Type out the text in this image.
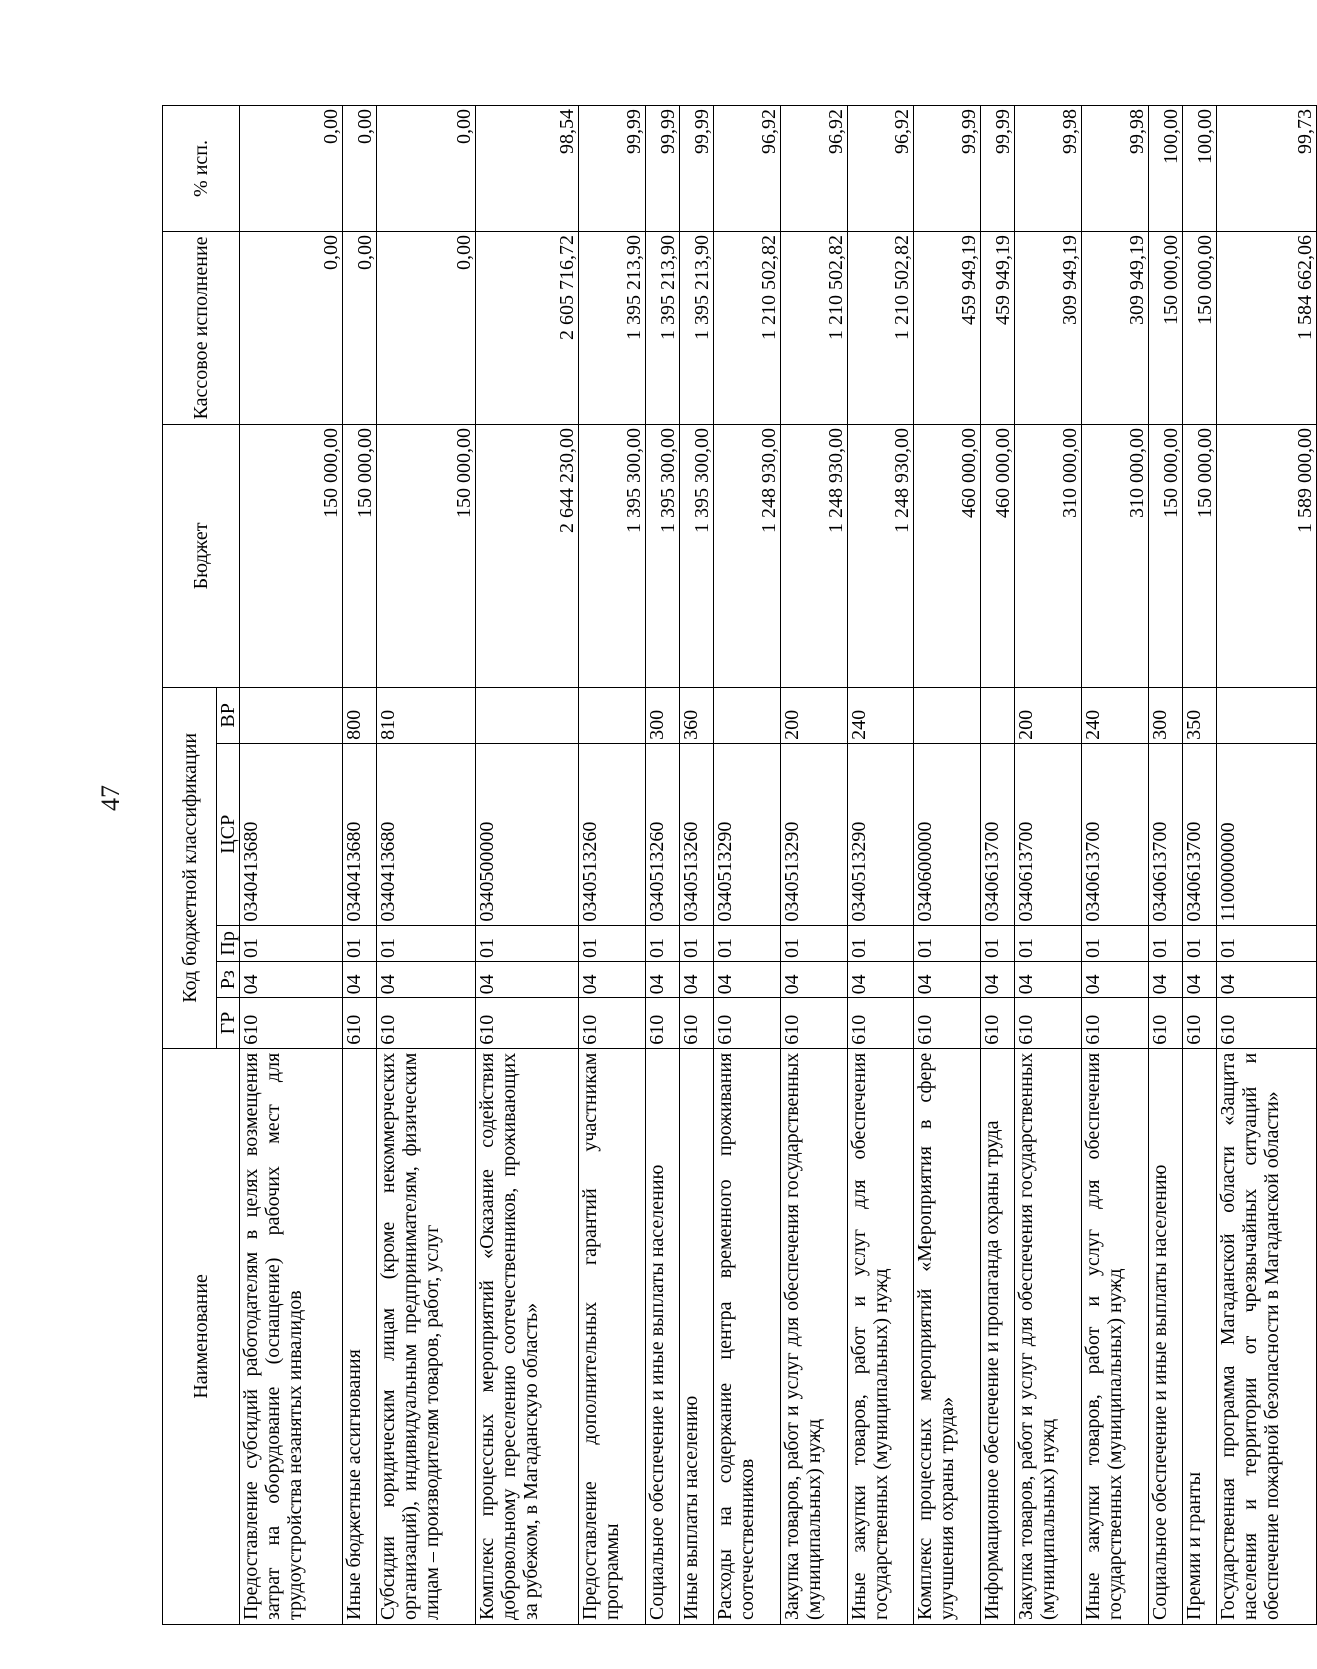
47
Наименование	Код бюджетной классификации					Бюджет	Кассовое исполнение	% исп.
	ГР	Рз	Пр	ЦСР	ВР			
Предоставление субсидий работодателям в целях возмещения затрат на оборудование (оснащение) рабочих мест для трудоустройства незанятых инвалидов	610	04	01	0340413680		150 000,00	0,00	0,00
Иные бюджетные ассигнования	610	04	01	0340413680	800	150 000,00	0,00	0,00
Субсидии юридическим лицам (кроме некоммерческих организаций), индивидуальным предпринимателям, физическим лицам – производителям товаров, работ, услуг	610	04	01	0340413680	810	150 000,00	0,00	0,00
Комплекс процессных мероприятий «Оказание содействия добровольному переселению соотечественников, проживающих за рубежом, в Магаданскую область»	610	04	01	0340500000		2 644 230,00	2 605 716,72	98,54
Предоставление дополнительных гарантий участникам программы	610	04	01	0340513260		1 395 300,00	1 395 213,90	99,99
Социальное обеспечение и иные выплаты населению	610	04	01	0340513260	300	1 395 300,00	1 395 213,90	99,99
Иные выплаты населению	610	04	01	0340513260	360	1 395 300,00	1 395 213,90	99,99
Расходы на содержание центра временного проживания соотечественников	610	04	01	0340513290		1 248 930,00	1 210 502,82	96,92
Закупка товаров, работ и услуг для обеспечения государственных (муниципальных) нужд	610	04	01	0340513290	200	1 248 930,00	1 210 502,82	96,92
Иные закупки товаров, работ и услуг для обеспечения государственных (муниципальных) нужд	610	04	01	0340513290	240	1 248 930,00	1 210 502,82	96,92
Комплекс процессных мероприятий «Мероприятия в сфере улучшения охраны труда»	610	04	01	0340600000		460 000,00	459 949,19	99,99
Информационное обеспечение и пропаганда охраны труда	610	04	01	0340613700		460 000,00	459 949,19	99,99
Закупка товаров, работ и услуг для обеспечения государственных (муниципальных) нужд	610	04	01	0340613700	200	310 000,00	309 949,19	99,98
Иные закупки товаров, работ и услуг для обеспечения государственных (муниципальных) нужд	610	04	01	0340613700	240	310 000,00	309 949,19	99,98
Социальное обеспечение и иные выплаты населению	610	04	01	0340613700	300	150 000,00	150 000,00	100,00
Премии и гранты	610	04	01	0340613700	350	150 000,00	150 000,00	100,00
Государственная программа Магаданской области «Защита населения и территории от чрезвычайных ситуаций и обеспечение пожарной безопасности в Магаданской области»	610	04	01	1100000000		1 589 000,00	1 584 662,06	99,73
